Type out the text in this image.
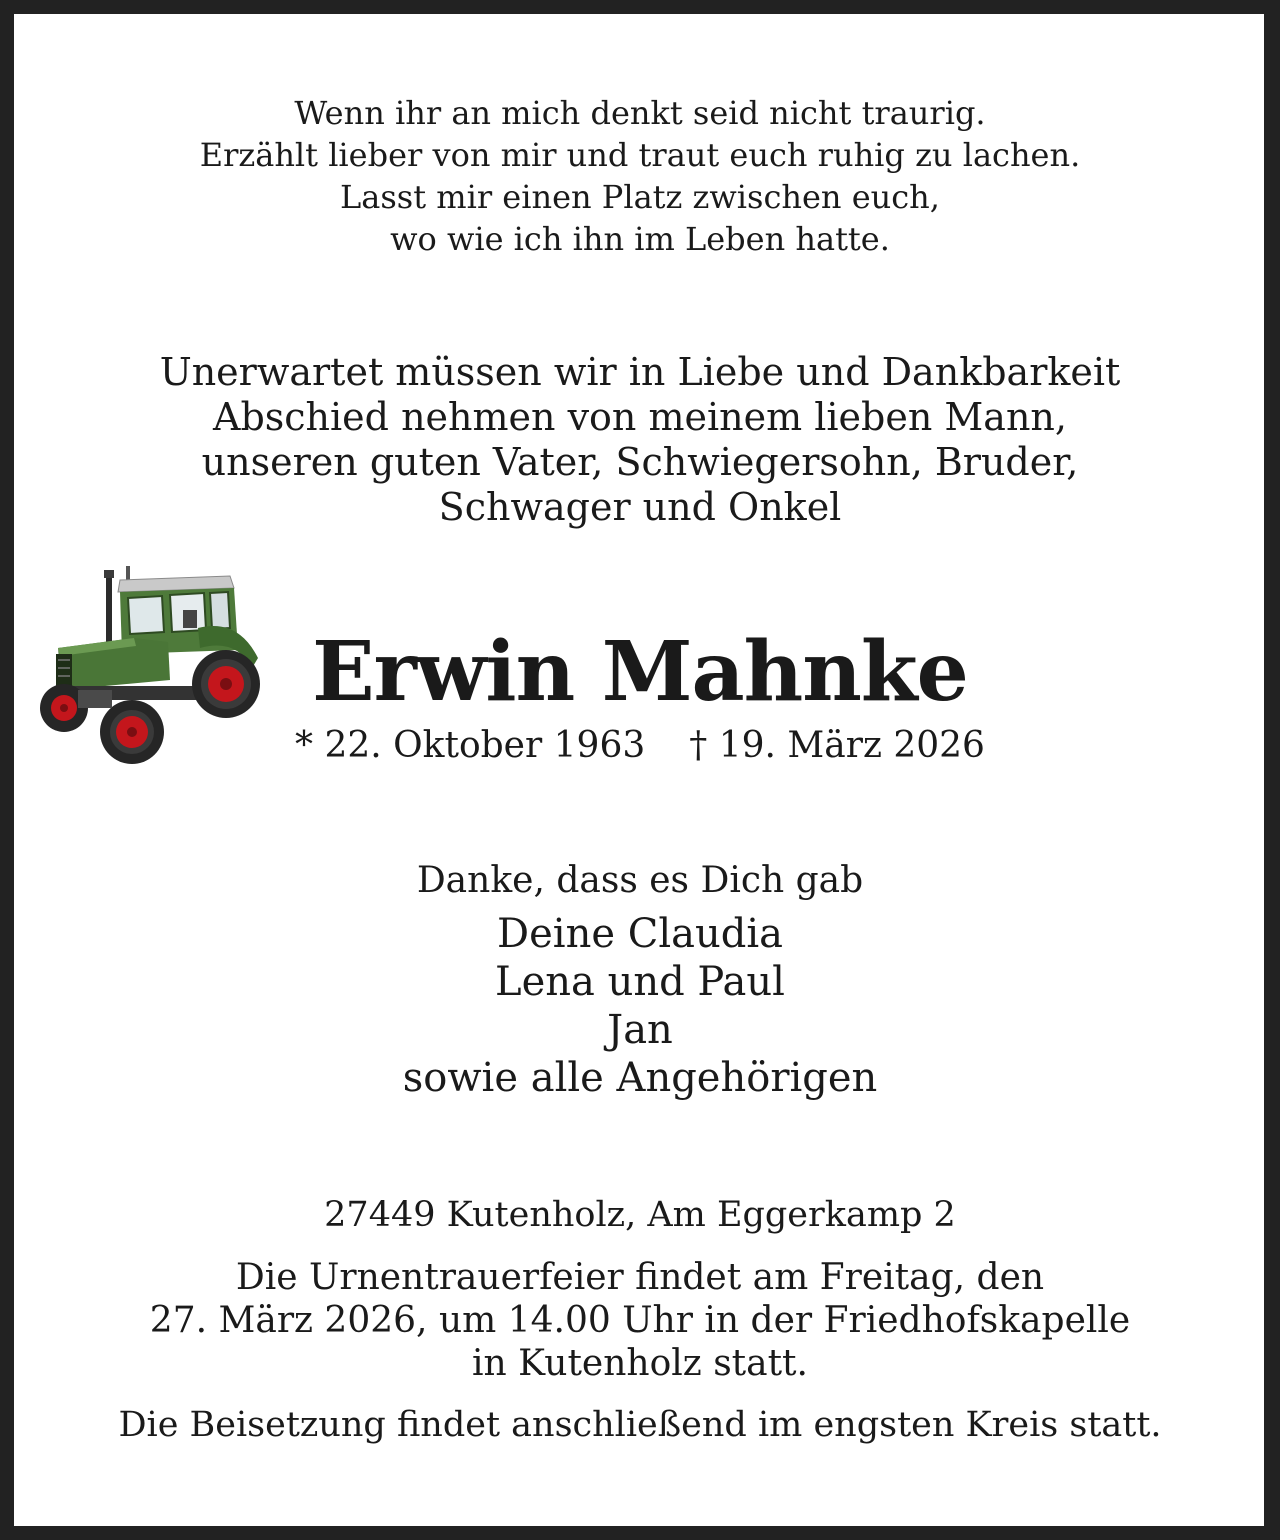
Wenn ihr an mich denkt seid nicht traurig.
Erzählt lieber von mir und traut euch ruhig zu lachen.
Lasst mir einen Platz zwischen euch,
wo wie ich ihn im Leben hatte.
Unerwartet müssen wir in Liebe und Dankbarkeit
Abschied nehmen von meinem lieben Mann,
unseren guten Vater, Schwiegersohn, Bruder,
Schwager und Onkel
Erwin Mahnke
* 22. Oktober 1963 † 19. März 2026
Danke, dass es Dich gab
Deine Claudia
Lena und Paul
Jan
sowie alle Angehörigen
27449 Kutenholz, Am Eggerkamp 2
Die Urnentrauerfeier findet am Freitag, den
27. März 2026, um 14.00 Uhr in der Friedhofskapelle
in Kutenholz statt.
Die Beisetzung findet anschließend im engsten Kreis statt.
